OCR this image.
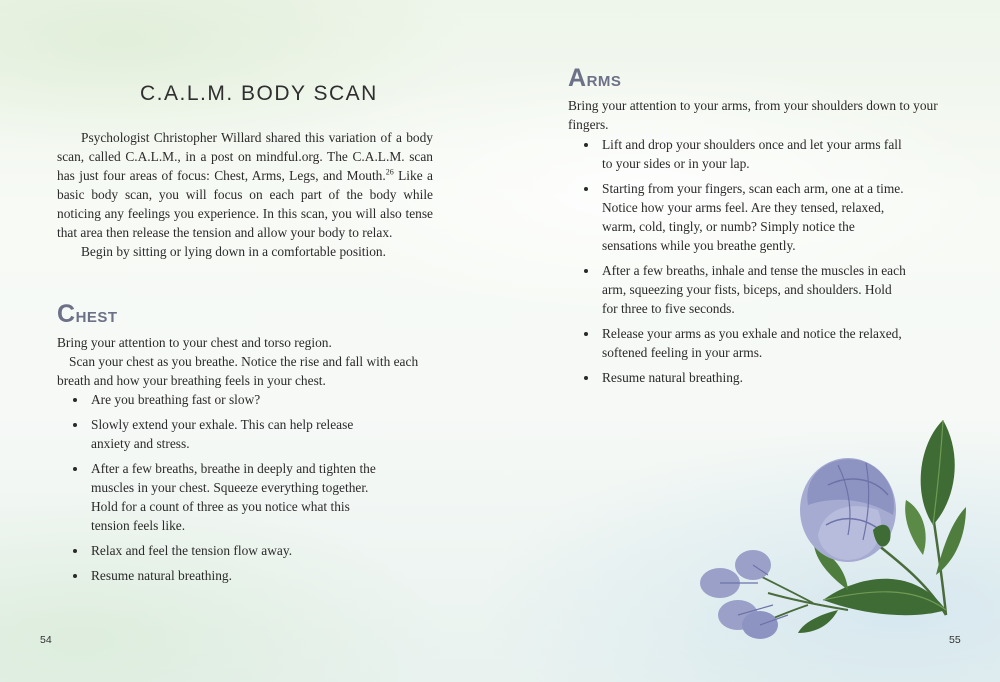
C.A.L.M. BODY SCAN

Psychologist Christopher Willard shared this variation of a body scan, called C.A.L.M., in a post on mindful.org. The C.A.L.M. scan has just four areas of focus: Chest, Arms, Legs, and Mouth.$^{26}$ Like a basic body scan, you will focus on each part of the body while noticing any feelings you experience. In this scan, you will also tense that area then release the tension and allow your body to relax.

Begin by sitting or lying down in a comfortable position.

CHEST

Bring your attention to your chest and torso region.

Scan your chest as you breathe. Notice the rise and fall with each breath and how your breathing feels in your chest.

Are you breathing fast or slow?
Slowly extend your exhale. This can help release anxiety and stress.
After a few breaths, breathe in deeply and tighten the muscles in your chest. Squeeze everything together. Hold for a count of three as you notice what this tension feels like.
Relax and feel the tension flow away.
Resume natural breathing.
54
ARMS

Bring your attention to your arms, from your shoulders down to your fingers.

Lift and drop your shoulders once and let your arms fall to your sides or in your lap.
Starting from your fingers, scan each arm, one at a time. Notice how your arms feel. Are they tensed, relaxed, warm, cold, tingly, or numb? Simply notice the sensations while you breathe gently.
After a few breaths, inhale and tense the muscles in each arm, squeezing your fists, biceps, and shoulders. Hold for three to five seconds.
Release your arms as you exhale and notice the relaxed, softened feeling in your arms.
Resume natural breathing.
55
